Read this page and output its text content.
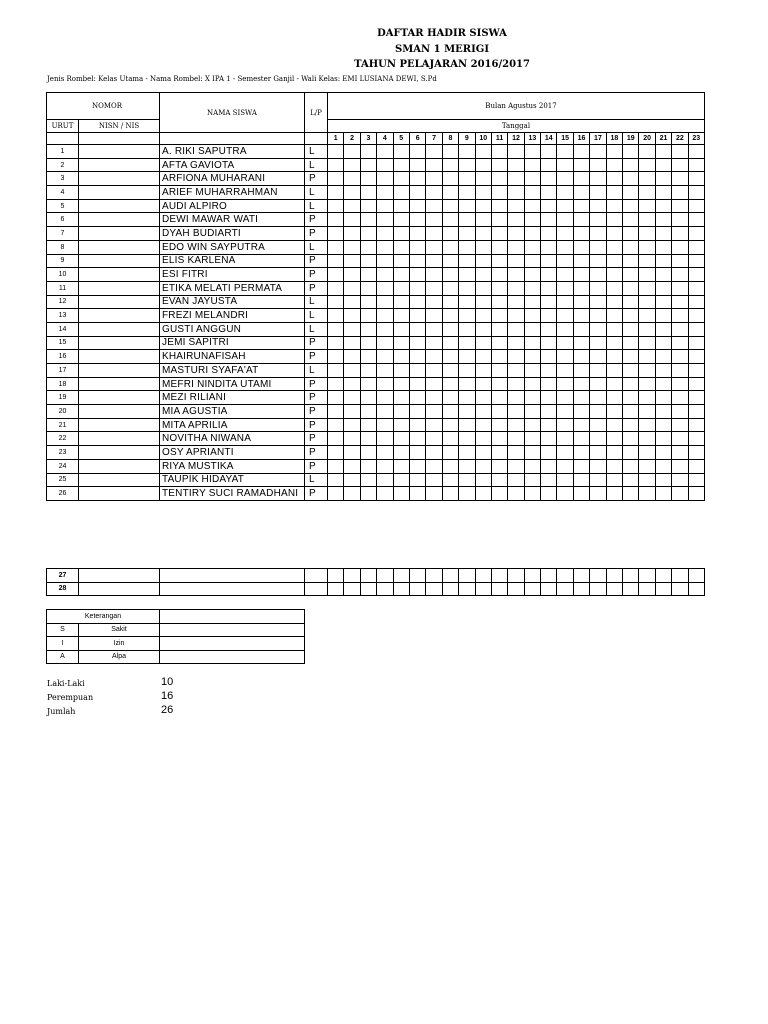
DAFTAR HADIR SISWA
SMAN 1 MERIGI
TAHUN PELAJARAN 2016/2017
Jenis Rombel: Kelas Utama - Nama Rombel: X IPA 1 - Semester Ganjil - Wali Kelas: EMI LUSIANA DEWI, S.Pd
NOMOR		NAMA SISWA	L/P	Bulan Agustus 2017																						
URUT	NISN / NIS			Tanggal																						
				1	2	3	4	5	6	7	8	9	10	11	12	13	14	15	16	17	18	19	20	21	22	23
1		A. RIKI SAPUTRA	L																							
2		AFTA GAVIOTA	L																							
3		ARFIONA MUHARANI	P																							
4		ARIEF MUHARRAHMAN	L																							
5		AUDI ALPIRO	L																							
6		DEWI MAWAR WATI	P																							
7		DYAH BUDIARTI	P																							
8		EDO WIN SAYPUTRA	L																							
9		ELIS KARLENA	P																							
10		ESI FITRI	P																							
11		ETIKA MELATI PERMATA	P																							
12		EVAN JAYUSTA	L																							
13		FREZI MELANDRI	L																							
14		GUSTI ANGGUN	L																							
15		JEMI SAPITRI	P																							
16		KHAIRUNAFISAH	P																							
17		MASTURI SYAFA'AT	L																							
18		MEFRI NINDITA UTAMI	P																							
19		MEZI RILIANI	P																							
20		MIA AGUSTIA	P																							
21		MITA APRILIA	P																							
22		NOVITHA NIWANA	P																							
23		OSY APRIANTI	P																							
24		RIYA MUSTIKA	P																							
25		TAUPIK HIDAYAT	L																							
26		TENTIRY SUCI RAMADHANI	P																							
27																										
28																										
Keterangan		
S	Sakit	
I	Izin	
A	Alpa	
Laki-Laki	10
Perempuan	16
Jumlah	26
